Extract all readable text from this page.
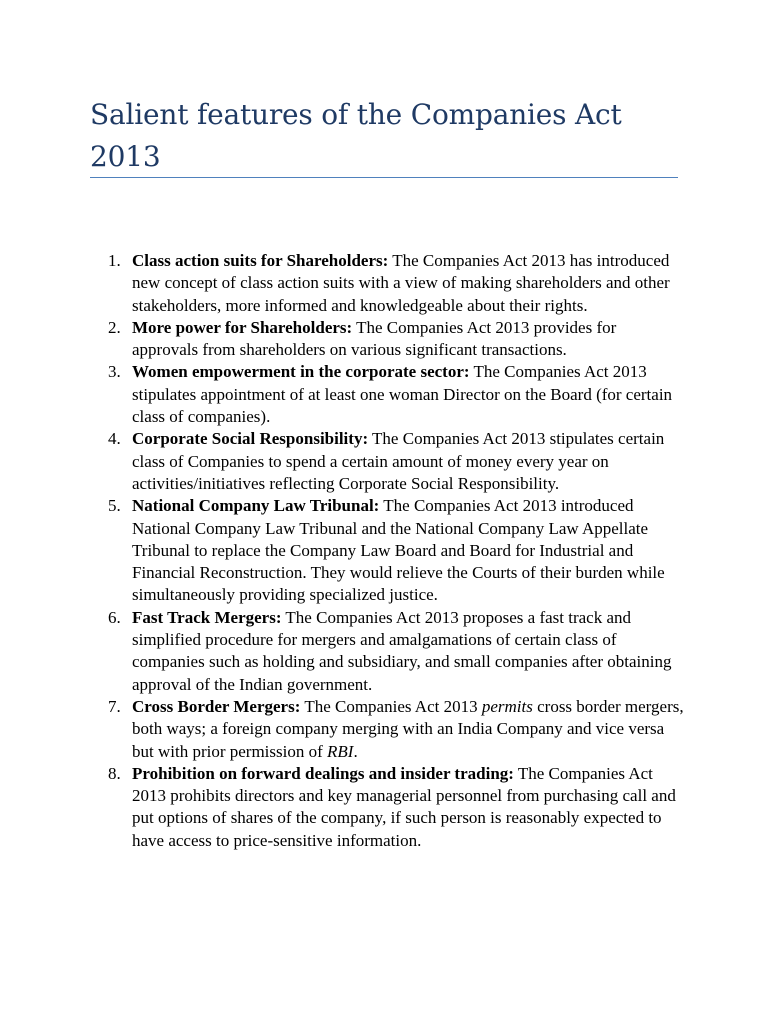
Salient features of the Companies Act 2013
1. Class action suits for Shareholders: The Companies Act 2013 has introduced new concept of class action suits with a view of making shareholders and other stakeholders, more informed and knowledgeable about their rights.
2. More power for Shareholders: The Companies Act 2013 provides for approvals from shareholders on various significant transactions.
3. Women empowerment in the corporate sector: The Companies Act 2013 stipulates appointment of at least one woman Director on the Board (for certain class of companies).
4. Corporate Social Responsibility: The Companies Act 2013 stipulates certain class of Companies to spend a certain amount of money every year on activities/initiatives reflecting Corporate Social Responsibility.
5. National Company Law Tribunal: The Companies Act 2013 introduced National Company Law Tribunal and the National Company Law Appellate Tribunal to replace the Company Law Board and Board for Industrial and Financial Reconstruction. They would relieve the Courts of their burden while simultaneously providing specialized justice.
6. Fast Track Mergers: The Companies Act 2013 proposes a fast track and simplified procedure for mergers and amalgamations of certain class of companies such as holding and subsidiary, and small companies after obtaining approval of the Indian government.
7. Cross Border Mergers: The Companies Act 2013 permits cross border mergers, both ways; a foreign company merging with an India Company and vice versa but with prior permission of RBI.
8. Prohibition on forward dealings and insider trading: The Companies Act 2013 prohibits directors and key managerial personnel from purchasing call and put options of shares of the company, if such person is reasonably expected to have access to price-sensitive information.
